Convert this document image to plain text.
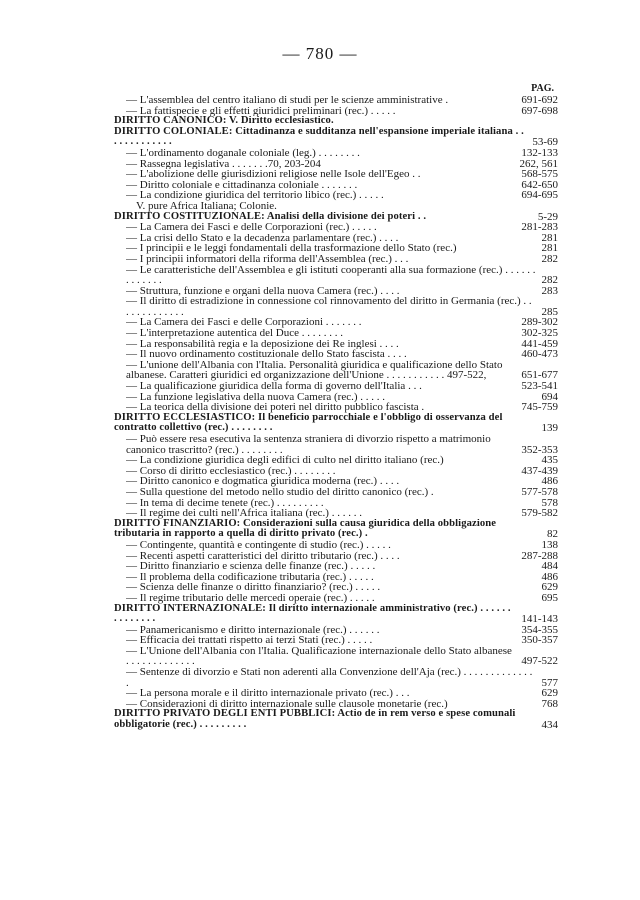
— 780 —
PAG.
— L'assemblea del centro italiano di studi per le scienze amministrative .	691-692
— La fattispecie e gli effetti giuridici preliminari (rec.) . . . . .	697-698
DIRITTO CANONICO: V. Diritto ecclesiastico.
DIRITTO COLONIALE: Cittadinanza e sudditanza nell'espansione imperiale italiana . . . . . . . . . . . . .	53-69
— L'ordinamento doganale coloniale (leg.) . . . . . . . .	132-133
— Rassegna legislativa . . . . . . .70, 203-204	262, 561
— L'abolizione delle giurisdizioni religiose nelle Isole dell'Egeo . .	568-575
— Diritto coloniale e cittadinanza coloniale . . . . . . .	642-650
— La condizione giuridica del territorio libico (rec.) . . . . .	694-695
V. pure Africa Italiana; Colonie.
DIRITTO COSTITUZIONALE: Analisi della divisione dei poteri . .	5-29
— La Camera dei Fasci e delle Corporazioni (rec.) . . . . .	281-283
— La crisi dello Stato e la decadenza parlamentare (rec.) . . . .	281
— I principii e le leggi fondamentali della trasformazione dello Stato (rec.)	281
— I principii informatori della riforma dell'Assemblea (rec.) . . .	282
— Le caratteristiche dell'Assemblea e gli istituti cooperanti alla sua formazione (rec.) . . . . . . . . . . . . .	282
— Struttura, funzione e organi della nuova Camera (rec.) . . . .	283
— Il diritto di estradizione in connessione col rinnovamento del diritto in Germania (rec.) . . . . . . . . . . . . .	285
— La Camera dei Fasci e delle Corporazioni . . . . . . .	289-302
— L'interpretazione autentica del Duce . . . . . . . .	302-325
— La responsabilità regia e la deposizione dei Re inglesi . . . .	441-459
— Il nuovo ordinamento costituzionale dello Stato fascista . . . .	460-473
— L'unione dell'Albania con l'Italia. Personalità giuridica e qualificazione dello Stato albanese. Caratteri giuridici ed organizzazione dell'Unione . . . . . . . . . . . 497-522,	651-677
— La qualificazione giuridica della forma di governo dell'Italia . . .	523-541
— La funzione legislativa della nuova Camera (rec.) . . . . .	694
— La teorica della divisione dei poteri nel diritto pubblico fascista .	745-759
DIRITTO ECCLESIASTICO: Il beneficio parrocchiale e l'obbligo di osservanza del contratto collettivo (rec.) . . . . . . . .	139
— Può essere resa esecutiva la sentenza straniera di divorzio rispetto a matrimonio canonico trascritto? (rec.) . . . . . . . .	352-353
— La condizione giuridica degli edifici di culto nel diritto italiano (rec.)	435
— Corso di diritto ecclesiastico (rec.) . . . . . . . .	437-439
— Diritto canonico e dogmatica giuridica moderna (rec.) . . . .	486
— Sulla questione del metodo nello studio del diritto canonico (rec.) .	577-578
— In tema di decime tenete (rec.) . . . . . . . . .	578
— Il regime dei culti nell'Africa italiana (rec.) . . . . . .	579-582
DIRITTO FINANZIARIO: Considerazioni sulla causa giuridica della obbligazione tributaria in rapporto a quella di diritto privato (rec.) .	82
— Contingente, quantità e contingente di studio (rec.) . . . . .	138
— Recenti aspetti caratteristici del diritto tributario (rec.) . . . .	287-288
— Diritto finanziario e scienza delle finanze (rec.) . . . . .	484
— Il problema della codificazione tributaria (rec.) . . . . .	486
— Scienza delle finanze o diritto finanziario? (rec.) . . . . .	629
— Il regime tributario delle mercedi operaie (rec.) . . . . .	695
DIRITTO INTERNAZIONALE: Il diritto internazionale amministrativo (rec.) . . . . . . . . . . . . . .	141-143
— Panamericanismo e diritto internazionale (rec.) . . . . . .	354-355
— Efficacia dei trattati rispetto ai terzi Stati (rec.) . . . . .	350-357
— L'Unione dell'Albania con l'Italia. Qualificazione internazionale dello Stato albanese . . . . . . . . . . . . .	497-522
— Sentenze di divorzio e Stati non aderenti alla Convenzione dell'Aja (rec.) . . . . . . . . . . . . . .	577
— La persona morale e il diritto internazionale privato (rec.) . . .	629
— Considerazioni di diritto internazionale sulle clausole monetarie (rec.)	768
DIRITTO PRIVATO DEGLI ENTI PUBBLICI: Actio de in rem verso e spese comunali obbligatorie (rec.) . . . . . . . . .	434
